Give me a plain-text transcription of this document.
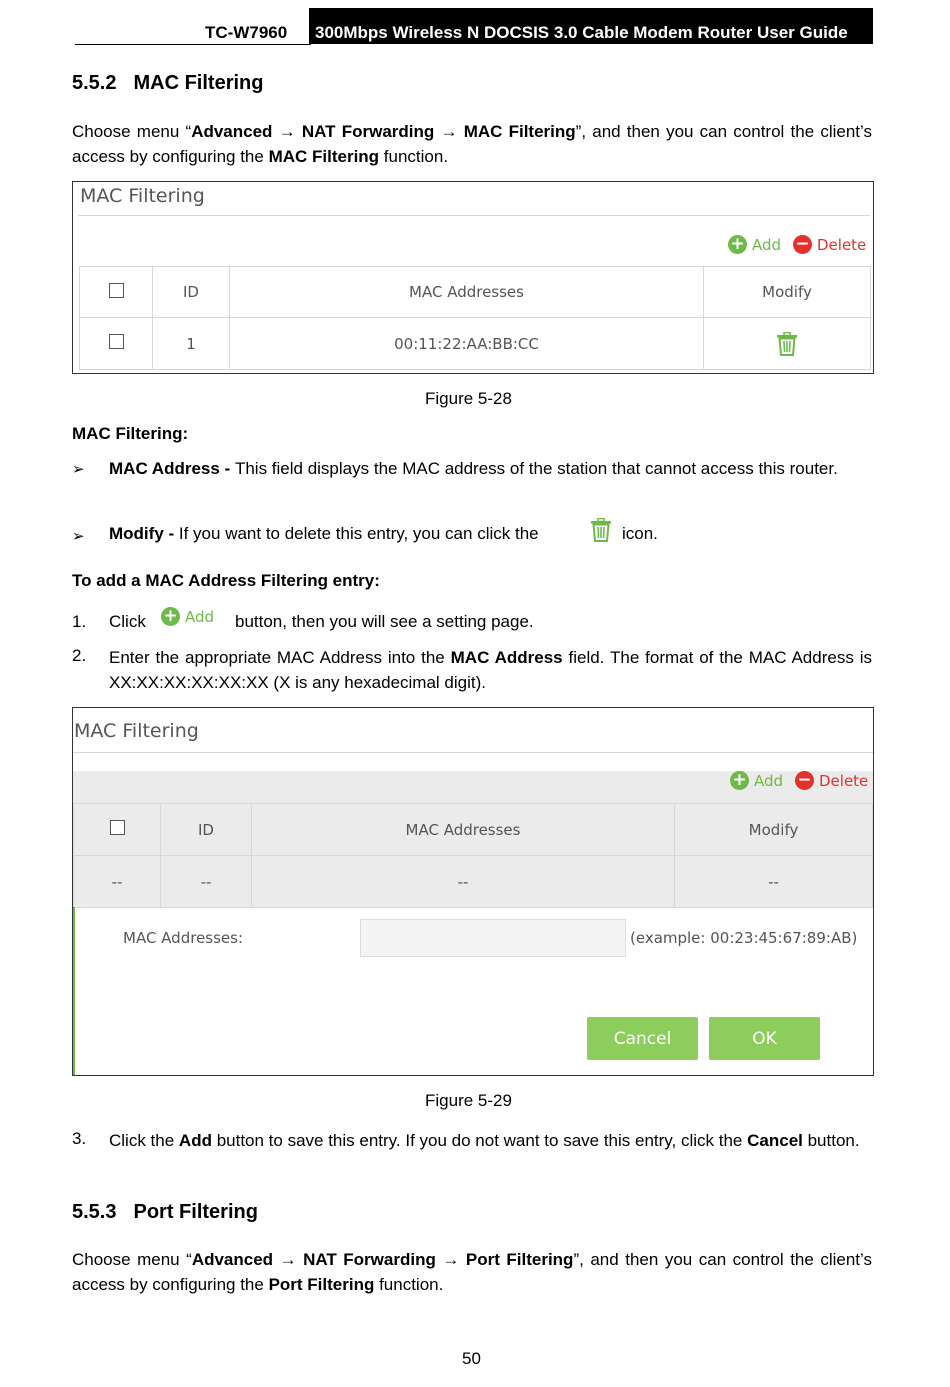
TC-W7960	300Mbps Wireless N DOCSIS 3.0 Cable Modem Router User Guide
5.5.2 MAC Filtering
Choose menu “Advanced → NAT Forwarding → MAC Filtering”, and then you can control the client’s access by configuring the MAC Filtering function.
MAC Filtering
+ Add − Delete
	ID	MAC Addresses	Modify
	1	00:11:22:AA:BB:CC	
Figure 5-28
MAC Filtering:
➢ MAC Address - This field displays the MAC address of the station that cannot access this router.
➢ Modify - If you want to delete this entry, you can click the	icon.
To add a MAC Address Filtering entry:
1. Click + Add button, then you will see a setting page.
2. Enter the appropriate MAC Address into the MAC Address field. The format of the MAC Address is XX:XX:XX:XX:XX:XX (X is any hexadecimal digit).
MAC Filtering
+ Add − Delete
	ID	MAC Addresses	Modify
--	--	--	--
MAC Addresses:	(example: 00:23:45:67:89:AB)
Cancel	OK
Figure 5-29
3. Click the Add button to save this entry. If you do not want to save this entry, click the Cancel button.
5.5.3 Port Filtering
Choose menu “Advanced → NAT Forwarding → Port Filtering”, and then you can control the client’s access by configuring the Port Filtering function.
50
